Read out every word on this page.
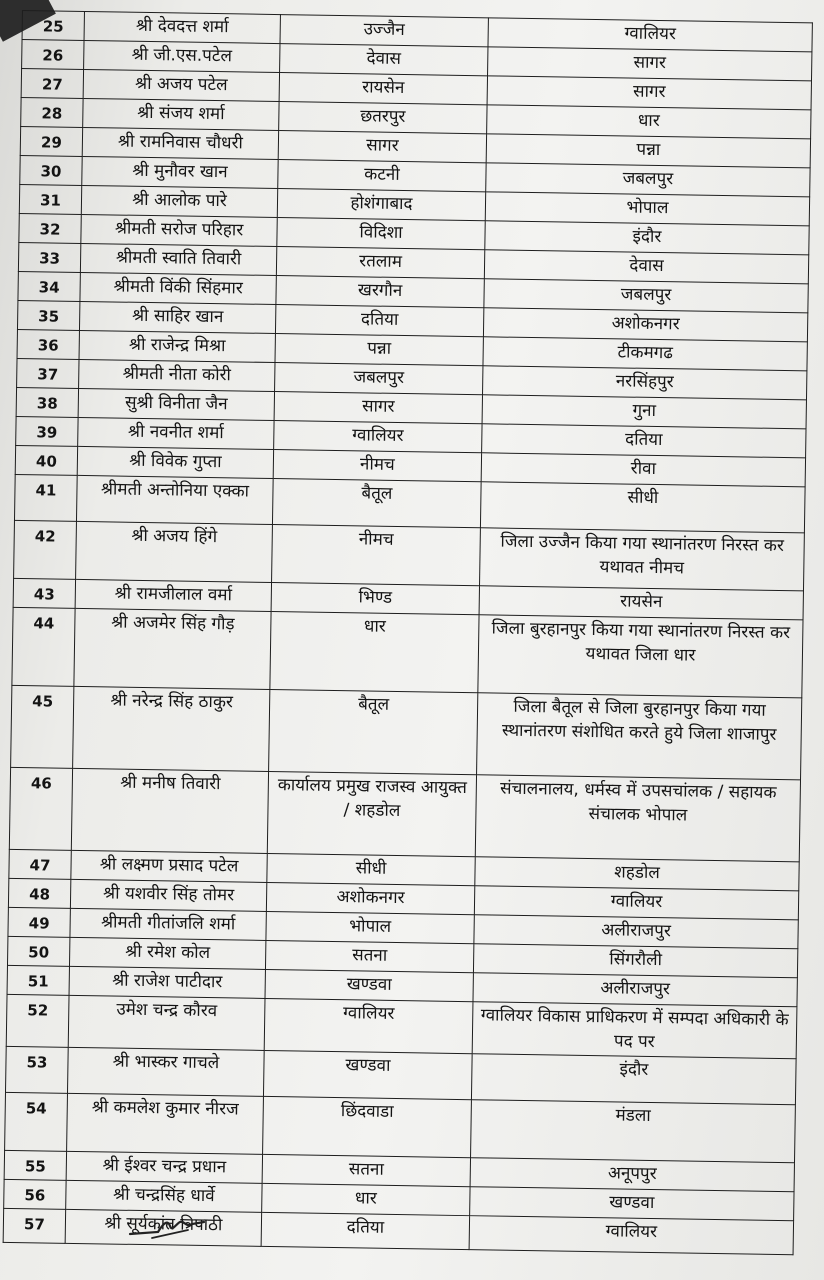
25	श्री देवदत्त शर्मा	उज्जैन	ग्वालियर
26	श्री जी.एस.पटेल	देवास	सागर
27	श्री अजय पटेल	रायसेन	सागर
28	श्री संजय शर्मा	छतरपुर	धार
29	श्री रामनिवास चौधरी	सागर	पन्ना
30	श्री मुनौवर खान	कटनी	जबलपुर
31	श्री आलोक पारे	होशंगाबाद	भोपाल
32	श्रीमती सरोज परिहार	विदिशा	इंदौर
33	श्रीमती स्वाति तिवारी	रतलाम	देवास
34	श्रीमती विंकी सिंहमार	खरगौन	जबलपुर
35	श्री साहिर खान	दतिया	अशोकनगर
36	श्री राजेन्द्र मिश्रा	पन्ना	टीकमगढ
37	श्रीमती नीता कोरी	जबलपुर	नरसिंहपुर
38	सुश्री विनीता जैन	सागर	गुना
39	श्री नवनीत शर्मा	ग्वालियर	दतिया
40	श्री विवेक गुप्ता	नीमच	रीवा
41	श्रीमती अन्तोनिया एक्का	बैतूल	सीधी
42	श्री अजय हिंगे	नीमच	जिला उज्जैन किया गया स्थानांतरण निरस्त कर यथावत नीमच
43	श्री रामजीलाल वर्मा	भिण्ड	रायसेन
44	श्री अजमेर सिंह गौड़	धार	जिला बुरहानपुर किया गया स्थानांतरण निरस्त कर यथावत जिला धार
45	श्री नरेन्द्र सिंह ठाकुर	बैतूल	जिला बैतूल से जिला बुरहानपुर किया गया स्थानांतरण संशोधित करते हुये जिला शाजापुर
46	श्री मनीष तिवारी	कार्यालय प्रमुख राजस्व आयुक्त / शहडोल	संचालनालय, धर्मस्व में उपसचांलक / सहायक संचालक भोपाल
47	श्री लक्ष्मण प्रसाद पटेल	सीधी	शहडोल
48	श्री यशवीर सिंह तोमर	अशोकनगर	ग्वालियर
49	श्रीमती गीतांजलि शर्मा	भोपाल	अलीराजपुर
50	श्री रमेश कोल	सतना	सिंगरौली
51	श्री राजेश पाटीदार	खण्डवा	अलीराजपुर
52	उमेश चन्द्र कौरव	ग्वालियर	ग्वालियर विकास प्राधिकरण में सम्पदा अधिकारी के पद पर
53	श्री भास्कर गाचले	खण्डवा	इंदौर
54	श्री कमलेश कुमार नीरज	छिंदवाडा	मंडला
55	श्री ईश्वर चन्द्र प्रधान	सतना	अनूपपुर
56	श्री चन्द्रसिंह धार्वे	धार	खण्डवा
57	श्री सूर्यकांत त्रिपाठी	दतिया	ग्वालियर
